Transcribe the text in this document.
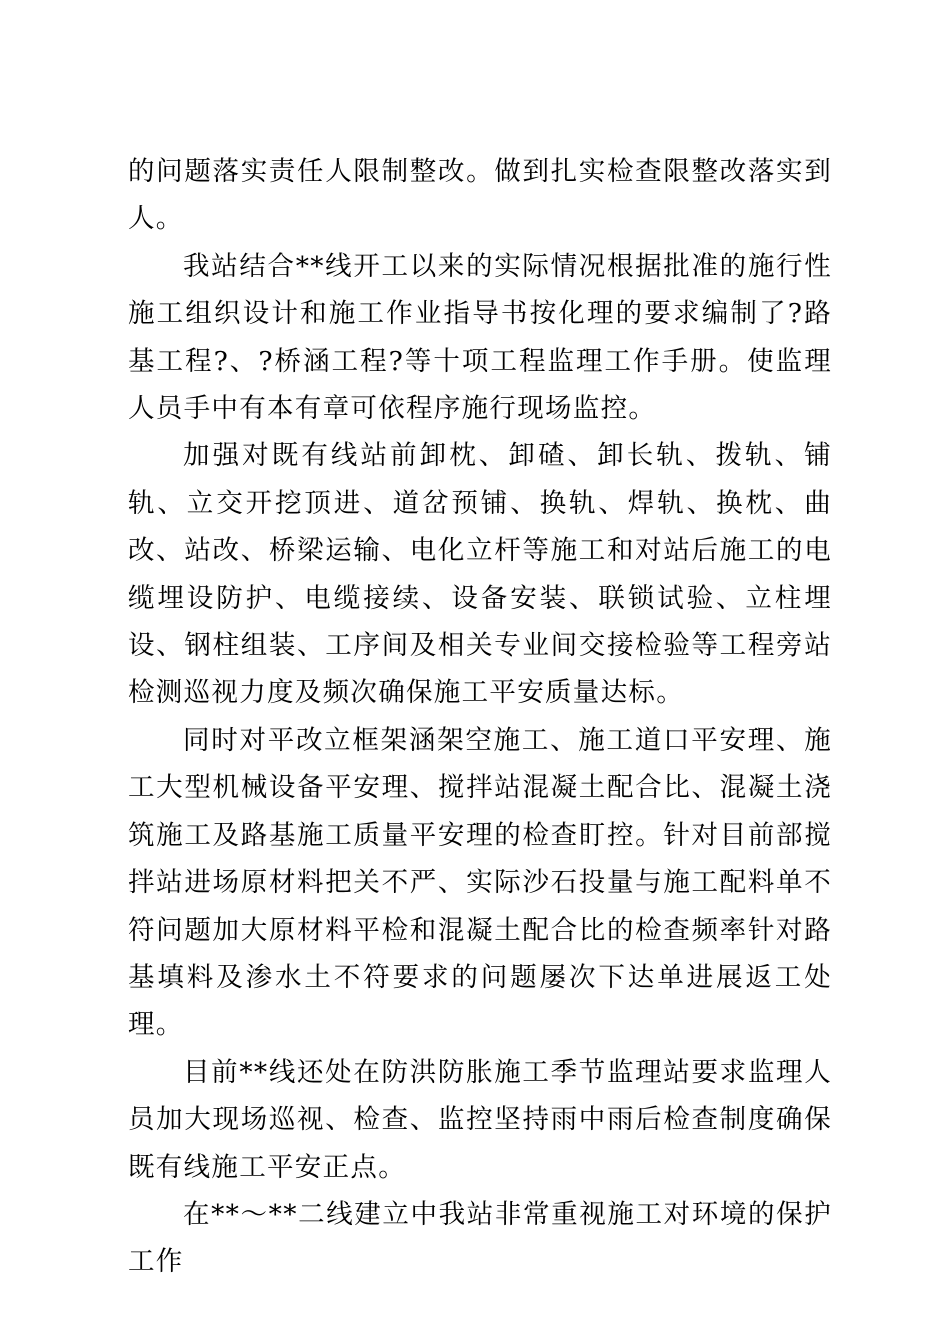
的问题落实责任人限制整改。做到扎实检查限整改落实到人。

我站结合**线开工以来的实际情况根据批准的施行性施工组织设计和施工作业指导书按化理的要求编制了?路基工程?、?桥涵工程?等十项工程监理工作手册。使监理人员手中有本有章可依程序施行现场监控。

加强对既有线站前卸枕、卸碴、卸长轨、拨轨、铺轨、立交开挖顶进、道岔预铺、换轨、焊轨、换枕、曲改、站改、桥梁运输、电化立杆等施工和对站后施工的电缆埋设防护、电缆接续、设备安装、联锁试验、立柱埋设、钢柱组装、工序间及相关专业间交接检验等工程旁站检测巡视力度及频次确保施工平安质量达标。

同时对平改立框架涵架空施工、施工道口平安理、施工大型机械设备平安理、搅拌站混凝土配合比、混凝土浇筑施工及路基施工质量平安理的检查盯控。针对目前部搅拌站进场原材料把关不严、实际沙石投量与施工配料单不符问题加大原材料平检和混凝土配合比的检查频率针对路基填料及渗水土不符要求的问题屡次下达单进展返工处理。

目前**线还处在防洪防胀施工季节监理站要求监理人员加大现场巡视、检查、监控坚持雨中雨后检查制度确保既有线施工平安正点。

在**～**二线建立中我站非常重视施工对环境的保护工作
